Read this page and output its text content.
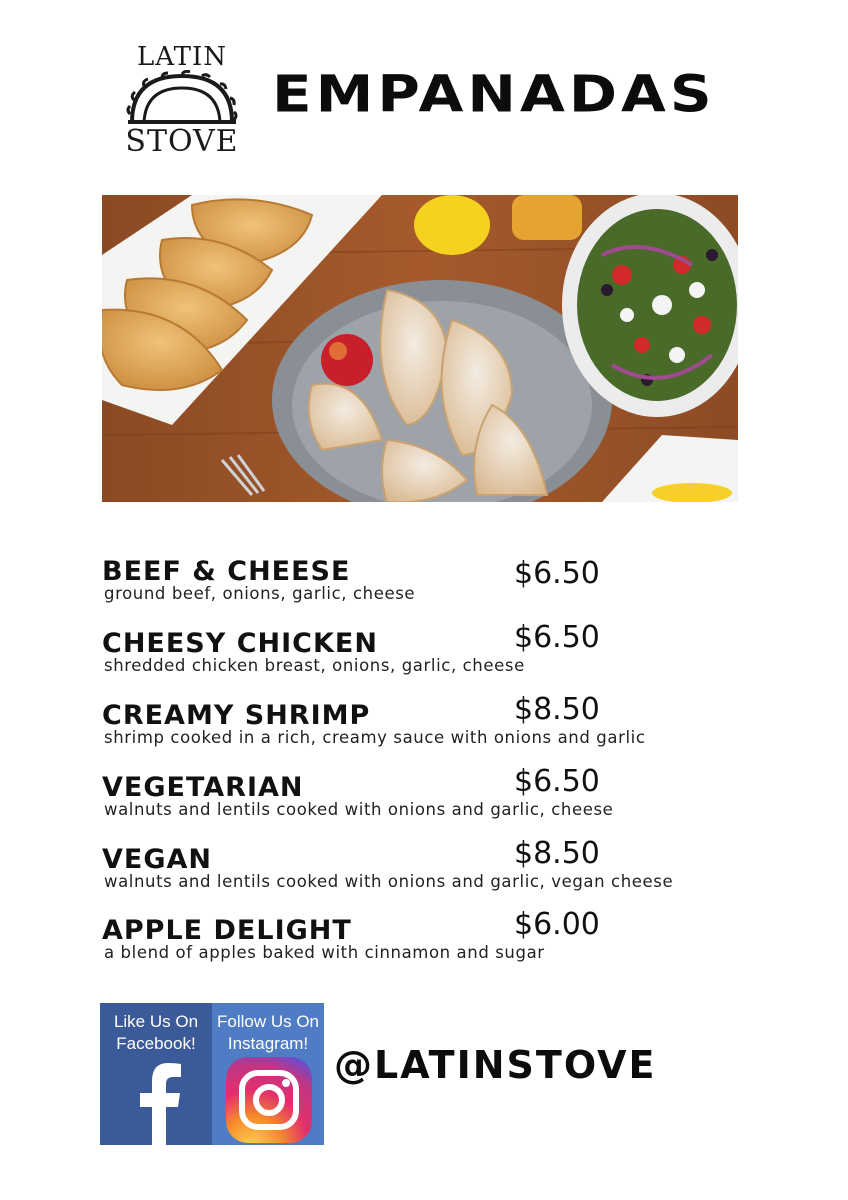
LATIN
STOVE
EMPANADAS
BEEF & CHEESE	$6.50
ground beef, onions, garlic, cheese
CHEESY CHICKEN	$6.50
shredded chicken breast, onions, garlic, cheese
CREAMY SHRIMP	$8.50
shrimp cooked in a rich, creamy sauce with onions and garlic
VEGETARIAN	$6.50
walnuts and lentils cooked with onions and garlic, cheese
VEGAN	$8.50
walnuts and lentils cooked with onions and garlic, vegan cheese
APPLE DELIGHT	$6.00
a blend of apples baked with cinnamon and sugar
Like Us On
Facebook!
Follow Us On
Instagram! @LATINSTOVE
